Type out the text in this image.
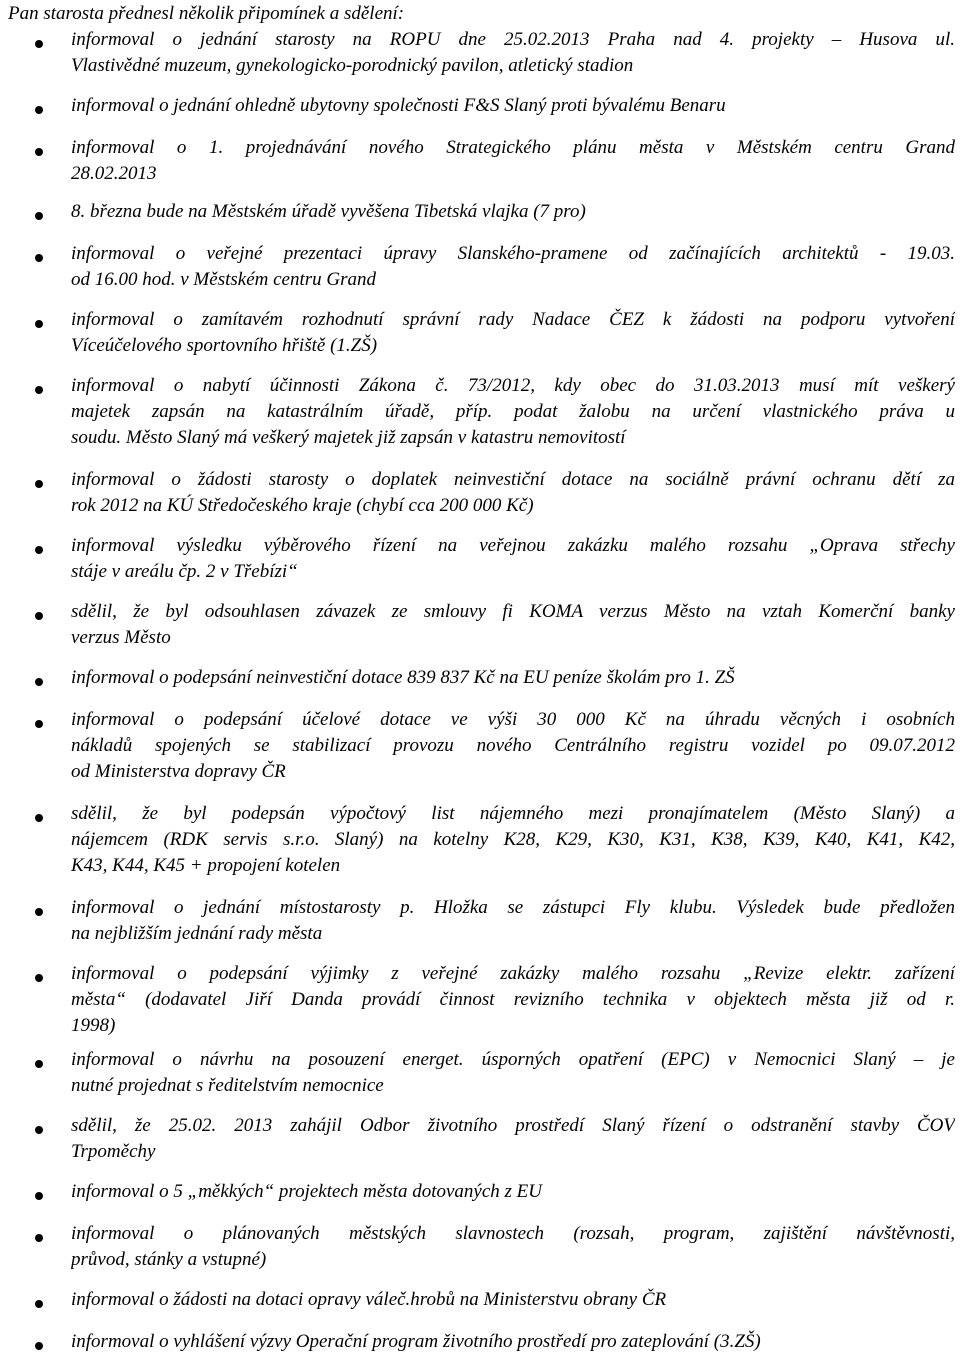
Pan starosta přednesl několik připomínek a sdělení:
informoval o jednání starosty na ROPU dne 25.02.2013 Praha nad 4. projekty – Husova ul.
Vlastivědné muzeum, gynekologicko-porodnický pavilon, atletický stadion
informoval o jednání ohledně ubytovny společnosti F&S Slaný proti bývalému Benaru
informoval o 1. projednávání nového Strategického plánu města v Městském centru Grand
28.02.2013
8. března bude na Městském úřadě vyvěšena Tibetská vlajka (7 pro)
informoval o veřejné prezentaci úpravy Slanského-pramene od začínajících architektů - 19.03.
od 16.00 hod. v Městském centru Grand
informoval o zamítavém rozhodnutí správní rady Nadace ČEZ k žádosti na podporu vytvoření
Víceúčelového sportovního hřiště (1.ZŠ)
informoval o nabytí účinnosti Zákona č. 73/2012, kdy obec do 31.03.2013 musí mít veškerý
majetek zapsán na katastrálním úřadě, příp. podat žalobu na určení vlastnického práva u
soudu. Město Slaný má veškerý majetek již zapsán v katastru nemovitostí
informoval o žádosti starosty o doplatek neinvestiční dotace na sociálně právní ochranu dětí za
rok 2012 na KÚ Středočeského kraje (chybí cca 200 000 Kč)
informoval výsledku výběrového řízení na veřejnou zakázku malého rozsahu „Oprava střechy
stáje v areálu čp. 2 v Třebízi“
sdělil, že byl odsouhlasen závazek ze smlouvy fi KOMA verzus Město na vztah Komerční banky
verzus Město
informoval o podepsání neinvestiční dotace 839 837 Kč na EU peníze školám pro 1. ZŠ
informoval o podepsání účelové dotace ve výši 30 000 Kč na úhradu věcných i osobních
nákladů spojených se stabilizací provozu nového Centrálního registru vozidel po 09.07.2012
od Ministerstva dopravy ČR
sdělil, že byl podepsán výpočtový list nájemného mezi pronajímatelem (Město Slaný) a
nájemcem (RDK servis s.r.o. Slaný) na kotelny K28, K29, K30, K31, K38, K39, K40, K41, K42,
K43, K44, K45 + propojení kotelen
informoval o jednání místostarosty p. Hložka se zástupci Fly klubu. Výsledek bude předložen
na nejbližším jednání rady města
informoval o podepsání výjimky z veřejné zakázky malého rozsahu „Revize elektr. zařízení
města“ (dodavatel Jiří Danda provádí činnost revizního technika v objektech města již od r.
1998)
informoval o návrhu na posouzení energet. úsporných opatření (EPC) v Nemocnici Slaný – je
nutné projednat s ředitelstvím nemocnice
sdělil, že 25.02. 2013 zahájil Odbor životního prostředí Slaný řízení o odstranění stavby ČOV
Trpoměchy
informoval o 5 „měkkých“ projektech města dotovaných z EU
informoval o plánovaných městských slavnostech (rozsah, program, zajištění návštěvnosti,
průvod, stánky a vstupné)
informoval o žádosti na dotaci opravy váleč.hrobů na Ministerstvu obrany ČR
informoval o vyhlášení výzvy Operační program životního prostředí pro zateplování (3.ZŠ)
